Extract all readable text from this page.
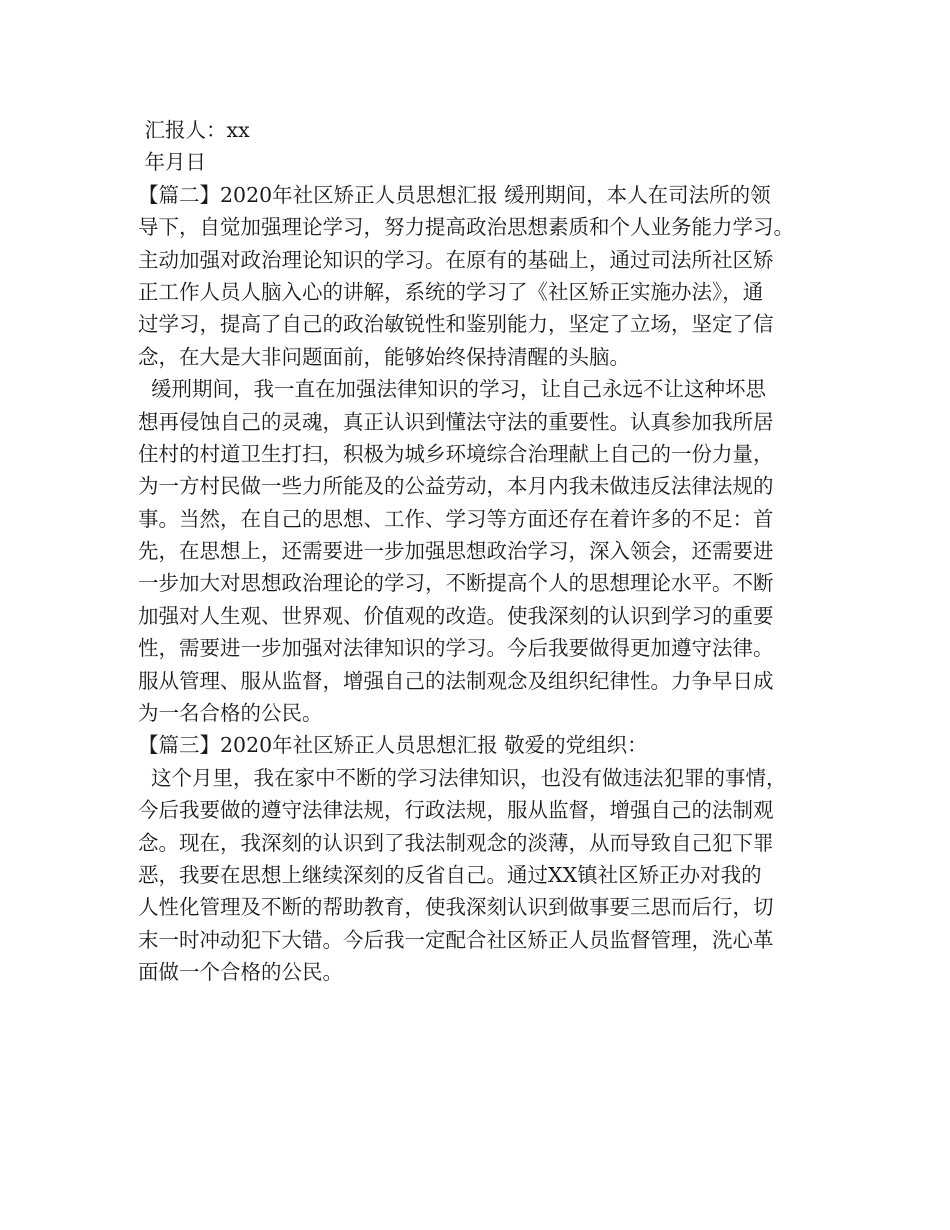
汇报人：xx
年月日
【篇二】2020年社区矫正人员思想汇报 缓刑期间，本人在司法所的领
导下，自觉加强理论学习，努力提高政治思想素质和个人业务能力学习。
主动加强对政治理论知识的学习。在原有的基础上，通过司法所社区矫
正工作人员人脑入心的讲解，系统的学习了《社区矫正实施办法》，通
过学习，提高了自己的政治敏锐性和鉴别能力，坚定了立场，坚定了信
念，在大是大非问题面前，能够始终保持清醒的头脑。
缓刑期间，我一直在加强法律知识的学习，让自己永远不让这种坏思
想再侵蚀自己的灵魂，真正认识到懂法守法的重要性。认真参加我所居
住村的村道卫生打扫，积极为城乡环境综合治理献上自己的一份力量，
为一方村民做一些力所能及的公益劳动，本月内我未做违反法律法规的
事。当然，在自己的思想、工作、学习等方面还存在着许多的不足：首
先，在思想上，还需要进一步加强思想政治学习，深入领会，还需要进
一步加大对思想政治理论的学习，不断提高个人的思想理论水平。不断
加强对人生观、世界观、价值观的改造。使我深刻的认识到学习的重要
性，需要进一步加强对法律知识的学习。今后我要做得更加遵守法律。
服从管理、服从监督，增强自己的法制观念及组织纪律性。力争早日成
为一名合格的公民。
【篇三】2020年社区矫正人员思想汇报 敬爱的党组织：
这个月里，我在家中不断的学习法律知识，也没有做违法犯罪的事情，
今后我要做的遵守法律法规，行政法规，服从监督，增强自己的法制观
念。现在，我深刻的认识到了我法制观念的淡薄，从而导致自己犯下罪
恶，我要在思想上继续深刻的反省自己。通过XX镇社区矫正办对我的
人性化管理及不断的帮助教育，使我深刻认识到做事要三思而后行，切
末一时冲动犯下大错。今后我一定配合社区矫正人员监督管理，洗心革
面做一个合格的公民。
